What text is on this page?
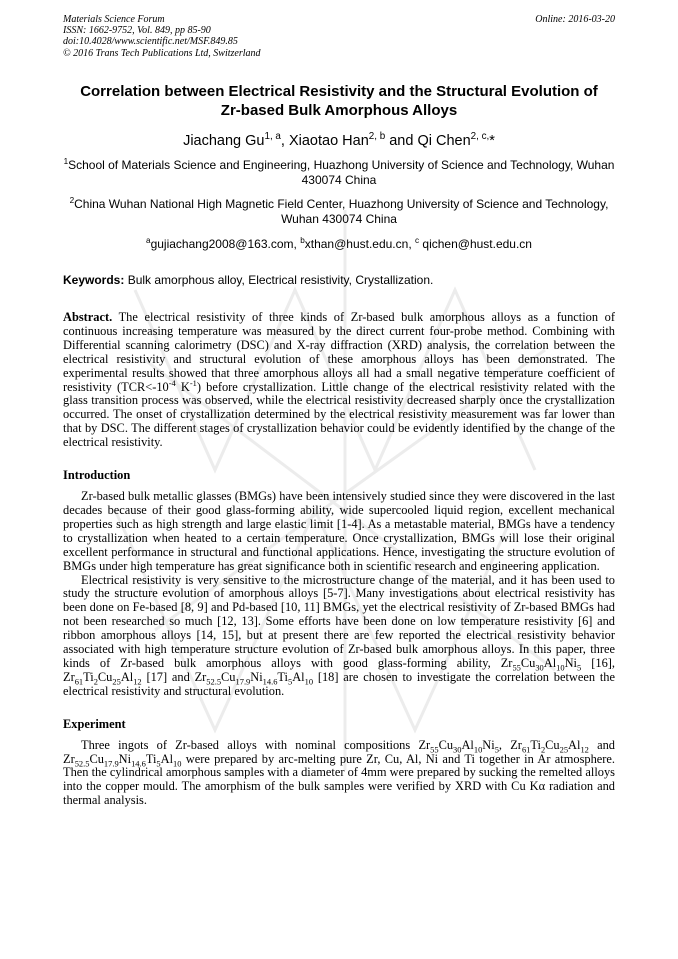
Materials Science Forum
ISSN: 1662-9752, Vol. 849, pp 85-90
doi:10.4028/www.scientific.net/MSF.849.85
© 2016 Trans Tech Publications Ltd, Switzerland
Online: 2016-03-20
Correlation between Electrical Resistivity and the Structural Evolution of
Zr-based Bulk Amorphous Alloys
Jiachang Gu$^{1, a}$, Xiaotao Han$^{2, b}$ and Qi Chen$^{2, c,}$*
$^1$School of Materials Science and Engineering, Huazhong University of Science and Technology, Wuhan 430074 China
$^2$China Wuhan National High Magnetic Field Center, Huazhong University of Science and Technology, Wuhan 430074 China
$^a$gujiachang2008@163.com, $^b$xthan@hust.edu.cn, $^c$ qichen@hust.edu.cn
Keywords: Bulk amorphous alloy, Electrical resistivity, Crystallization.

Abstract. The electrical resistivity of three kinds of Zr-based bulk amorphous alloys as a function of continuous increasing temperature was measured by the direct current four-probe method. Combining with Differential scanning calorimetry (DSC) and X-ray diffraction (XRD) analysis, the correlation between the electrical resistivity and structural evolution of these amorphous alloys has been demonstrated. The experimental results showed that three amorphous alloys all had a small negative temperature coefficient of resistivity ($TCR<-10^{-4}$ $K^{-1}$) before crystallization. Little change of the electrical resistivity related with the glass transition process was observed, while the electrical resistivity decreased sharply once the crystallization occurred. The onset of crystallization determined by the electrical resistivity measurement was far lower than that by DSC. The different stages of crystallization behavior could be evidently identified by the change of the electrical resistivity.

Introduction

Zr-based bulk metallic glasses (BMGs) have been intensively studied since they were discovered in the last decades because of their good glass-forming ability, wide supercooled liquid region, excellent mechanical properties such as high strength and large elastic limit [1-4]. As a metastable material, BMGs have a tendency to crystallization when heated to a certain temperature. Once crystallization, BMGs will lose their original excellent performance in structural and functional applications. Hence, investigating the structure evolution of BMGs under high temperature has great significance both in scientific research and engineering application.

Electrical resistivity is very sensitive to the microstructure change of the material, and it has been used to study the structure evolution of amorphous alloys [5-7]. Many investigations about electrical resistivity has been done on Fe-based [8, 9] and Pd-based [10, 11] BMGs, yet the electrical resistivity of Zr-based BMGs had not been researched so much [12, 13]. Some efforts have been done on low temperature resistivity [6] and ribbon amorphous alloys [14, 15], but at present there are few reported the electrical resistivity behavior associated with high temperature structure evolution of Zr-based bulk amorphous alloys. In this paper, three kinds of Zr-based bulk amorphous alloys with good glass-forming ability, $Zr_{55}Cu_{30}Al_{10}Ni_5$ [16], $Zr_{61}Ti_2Cu_{25}Al_{12}$ [17] and $Zr_{52.5}Cu_{17.9}Ni_{14.6}Ti_5Al_{10}$ [18] are chosen to investigate the correlation between the electrical resistivity and structural evolution.

Experiment

Three ingots of Zr-based alloys with nominal compositions $Zr_{55}Cu_{30}Al_{10}Ni_5$, $Zr_{61}Ti_2Cu_{25}Al_{12}$ and $Zr_{52.5}Cu_{17.9}Ni_{14.6}Ti_5Al_{10}$ were prepared by arc-melting pure Zr, Cu, Al, Ni and Ti together in Ar atmosphere. Then the cylindrical amorphous samples with a diameter of 4mm were prepared by sucking the remelted alloys into the copper mould. The amorphism of the bulk samples were verified by XRD with Cu Kα radiation and thermal analysis.
